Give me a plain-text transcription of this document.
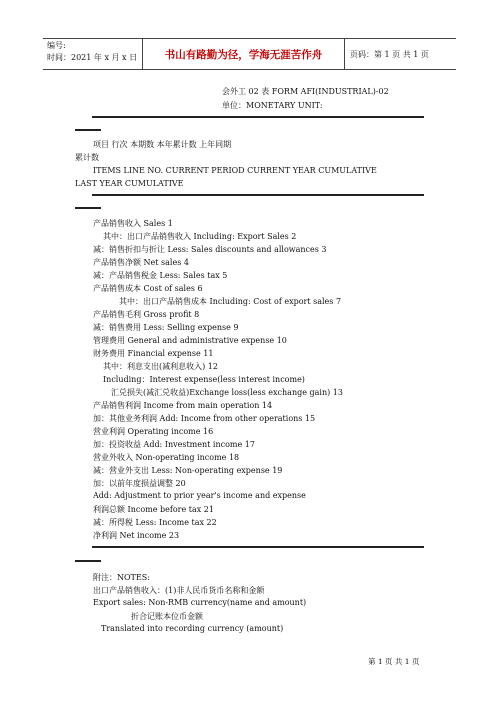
编号:
时间：2021 年 x 月 x 日	书山有路勤为径，学海无涯苦作舟	页码：第 1 页 共 1 页
会外工 02 表 FORM AFI(INDUSTRIAL)-02
单位：MONETARY UNIT:
项目 行次 本期数 本年累计数 上年同期
累计数
ITEMS LINE NO. CURRENT PERIOD CURRENT YEAR CUMULATIVE
LAST YEAR CUMULATIVE
产品销售收入 Sales 1
其中：出口产品销售收入 Including: Export Sales 2
减：销售折扣与折让 Less: Sales discounts and allowances 3
产品销售净额 Net sales 4
减：产品销售税金 Less: Sales tax 5
产品销售成本 Cost of sales 6
其中：出口产品销售成本 Including: Cost of export sales 7
产品销售毛利 Gross profit 8
减：销售费用 Less: Selling expense 9
管理费用 General and administrative expense 10
财务费用 Financial expense 11
其中：利息支出(减利息收入) 12
Including：Interest expense(less interest income)
汇兑损失(减汇兑收益)Exchange loss(less exchange gain) 13
产品销售利润 Income from main operation 14
加：其他业务利润 Add: Income from other operations 15
营业利润 Operating income 16
加：投资收益 Add: Investment income 17
营业外收入 Non-operating income 18
减：营业外支出 Less: Non-operating expense 19
加：以前年度损益调整 20
Add: Adjustment to prior year's income and expense
利润总额 Income before tax 21
减：所得税 Less: Income tax 22
净利润 Net income 23
附注：NOTES:
出口产品销售收入：(1)非人民币货币名称和金额
Export sales: Non-RMB currency(name and amount)
折合记账本位币金额
Translated into recording currency (amount)
第 1 页 共 1 页
